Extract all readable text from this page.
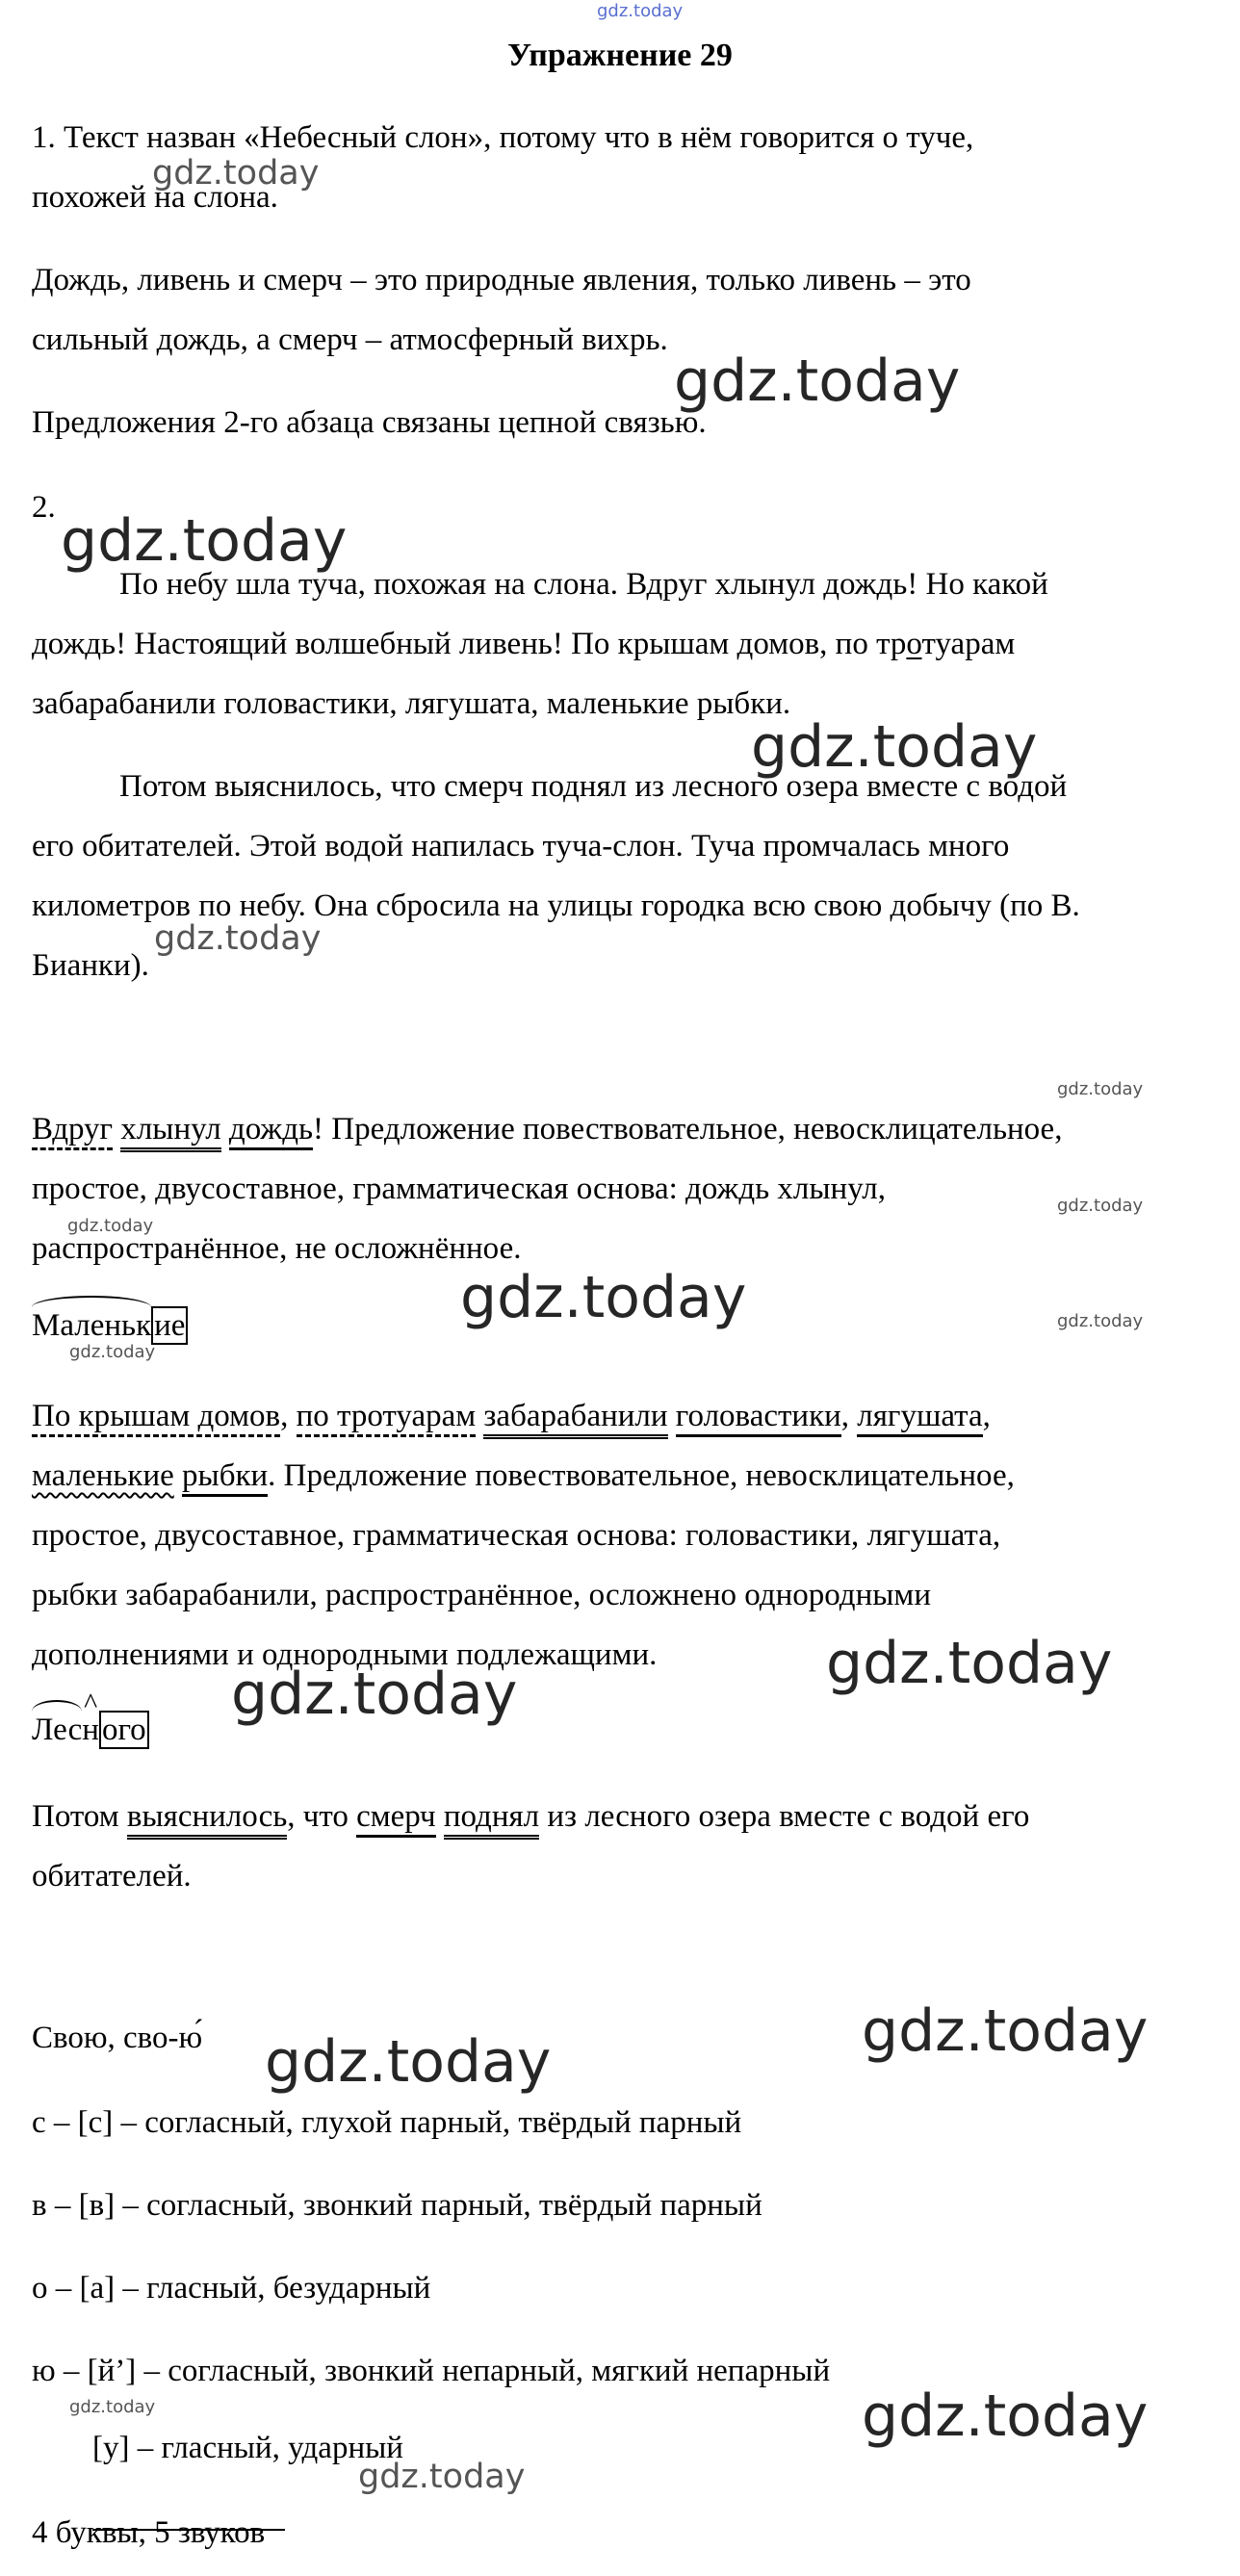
gdz.today
gdz.today
gdz.today
gdz.today
gdz.today
gdz.today
gdz.today
gdz.today
gdz.today
gdz.today	gdz.today
gdz.today
gdz.today
gdz.today
gdz.today
gdz.today
gdz.today	gdz.today
gdz.today
Упражнение 29
1. Текст назван «Небесный слон», потому что в нём говорится о туче,
похожей на слона.
Дождь, ливень и смерч – это природные явления, только ливень – это
сильный дождь, а смерч – атмосферный вихрь.
Предложения 2-го абзаца связаны цепной связью.
2.
По небу шла туча, похожая на слона. Вдруг хлынул дождь! Но какой
дождь! Настоящий волшебный ливень! По крышам домов, по тротуарам
забарабанили головастики, лягушата, маленькие рыбки.
Потом выяснилось, что смерч поднял из лесного озера вместе с водой
его обитателей. Этой водой напилась туча-слон. Туча промчалась много
километров по небу. Она сбросила на улицы городка всю свою добычу (по В.
Бианки).
Вдруг хлынул дождь! Предложение повествовательное, невосклицательное,
простое, двусоставное, грамматическая основа: дождь хлынул,
распространённое, не осложнённое.
Маленькие
По крышам домов, по тротуарам забарабанили головастики, лягушата,
маленькие рыбки. Предложение повествовательное, невосклицательное,
простое, двусоставное, грамматическая основа: головастики, лягушата,
рыбки забарабанили, распространённое, осложнено однородными
дополнениями и однородными подлежащими.
Лес^ ного
Потом выяснилось, что смерч поднял из лесного озера вместе с водой его
обитателей.
Свою, сво-ю́
с – [с] – согласный, глухой парный, твёрдый парный
в – [в] – согласный, звонкий парный, твёрдый парный
о – [а] – гласный, безударный
ю – [й’] – согласный, звонкий непарный, мягкий непарный
[у] – гласный, ударный
4 буквы, 5 звуков
